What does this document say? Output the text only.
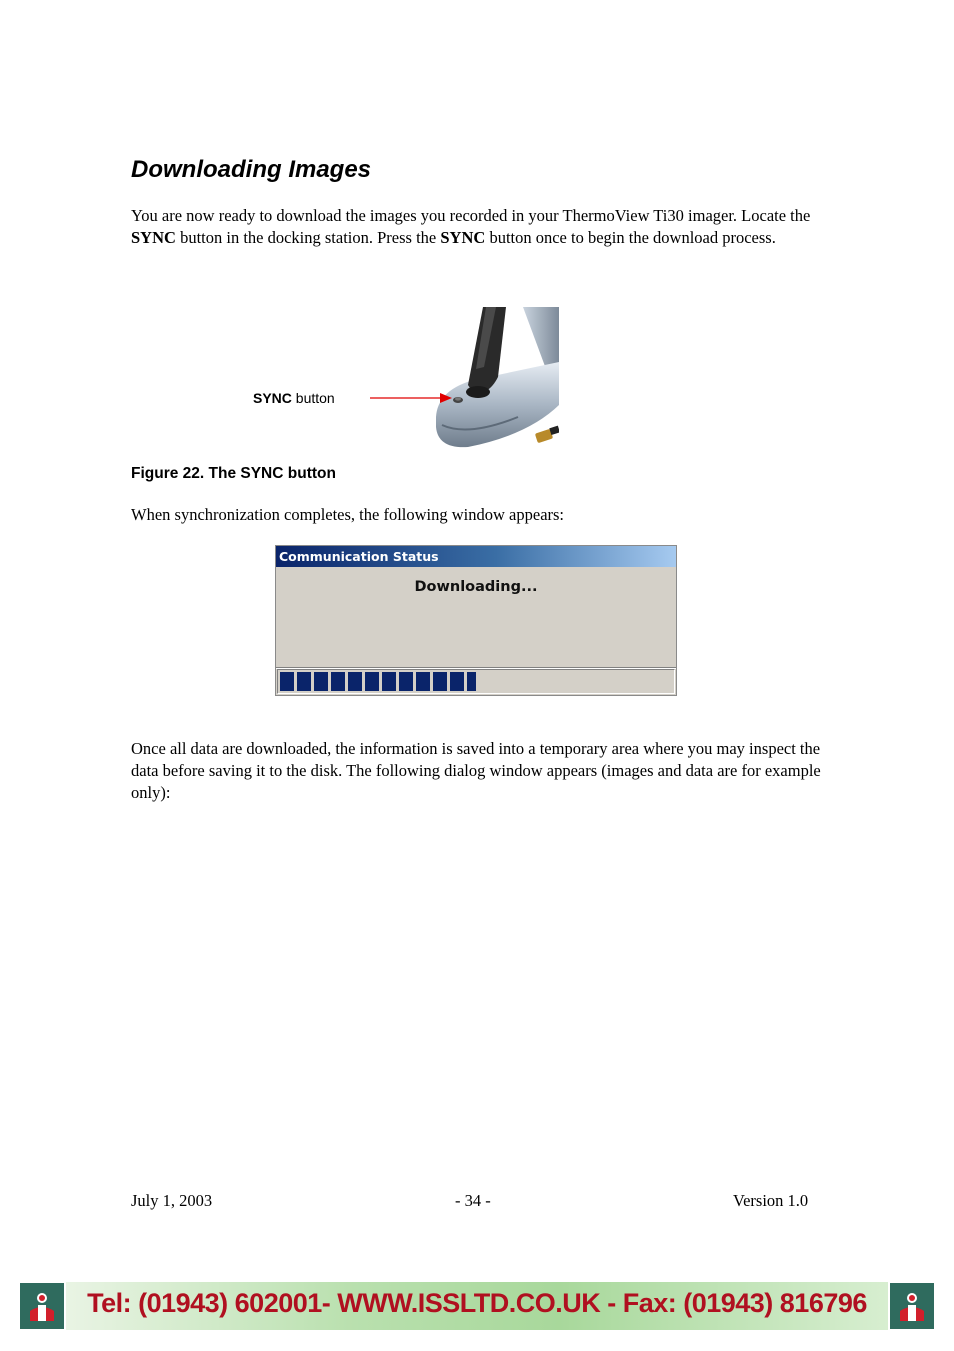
Downloading Images

You are now ready to download the images you recorded in your ThermoView Ti30 imager. Locate the SYNC button in the docking station. Press the SYNC button once to begin the download process.

SYNC button
Figure 22. The SYNC button

When synchronization completes, the following window appears:

Communication Status
Downloading...

Once all data are downloaded, the information is saved into a temporary area where you may inspect the data before saving it to the disk. The following dialog window appears (images and data are for example only):

July 1, 2003	- 34 -	Version 1.0
Tel: (01943) 602001- WWW.ISSLTD.CO.UK - Fax: (01943) 816796
